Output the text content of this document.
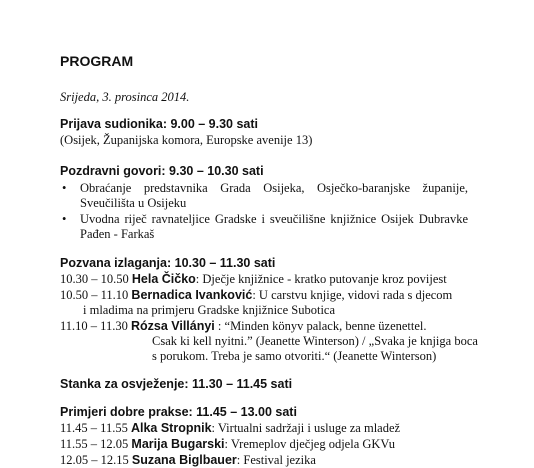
PROGRAM
Srijeda, 3. prosinca 2014.
Prijava sudionika: 9.00 – 9.30 sati
(Osijek, Županijska komora, Europske avenije 13)
Pozdravni govori: 9.30 – 10.30 sati
• Obraćanje predstavnika Grada Osijeka, Osječko-baranjske županije,
Sveučilišta u Osijeku
• Uvodna riječ ravnateljice Gradske i sveučilišne knjižnice Osijek Dubravke
Pađen - Farkaš
Pozvana izlaganja: 10.30 – 11.30 sati
10.30 – 10.50 Hela Čičko: Dječje knjižnice - kratko putovanje kroz povijest
10.50 – 11.10 Bernadica Ivanković: U carstvu knjige, vidovi rada s djecom
i mladima na primjeru Gradske knjižnice Subotica
11.10 – 11.30 Rózsa Villányi : “Minden könyv palack, benne üzenettel.
Csak ki kell nyitni.” (Jeanette Winterson) / „Svaka je knjiga boca
s porukom. Treba je samo otvoriti.“ (Jeanette Winterson)
Stanka za osvježenje: 11.30 – 11.45 sati
Primjeri dobre prakse: 11.45 – 13.00 sati
11.45 – 11.55 Alka Stropnik: Virtualni sadržaji i usluge za mladež
11.55 – 12.05 Marija Bugarski: Vremeplov dječjeg odjela GKVu
12.05 – 12.15 Suzana Biglbauer: Festival jezika
